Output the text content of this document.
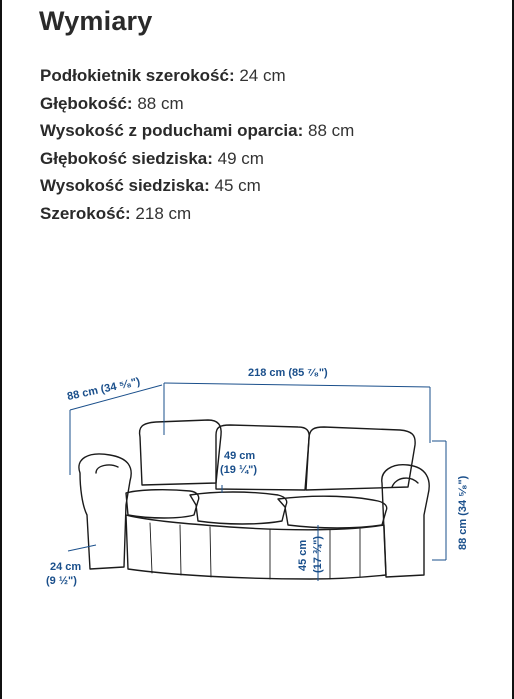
Wymiary
Podłokietnik szerokość: 24 cm
Głębokość: 88 cm
Wysokość z poduchami oparcia: 88 cm
Głębokość siedziska: 49 cm
Wysokość siedziska: 45 cm
Szerokość: 218 cm
88 cm (34 ⁵⁄₈")
218 cm (85 ⁷⁄₈")
88 cm (34 ⁵⁄₈")
49 cm
(19 ¼")
45 cm (17 ¾")
24 cm
(9 ½")
